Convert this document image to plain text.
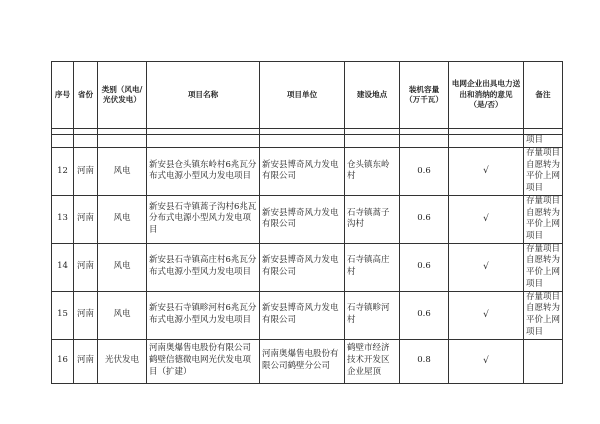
序号	省份	类别（风电/光伏发电）	项目名称	项目单位	建设地点	装机容量（万千瓦）	电网企业出具电力送出和消纳的意见（是/否）	备注

								项目
12	河南	风电	新安县仓头镇东岭村6兆瓦分布式电源小型风力发电项目	新安县博奇风力发电有限公司	仓头镇东岭村	0.6	√	存量项目自愿转为平价上网项目
13	河南	风电	新安县石寺镇蒿子沟村6兆瓦分布式电源小型风力发电项目	新安县博奇风力发电有限公司	石寺镇蒿子沟村	0.6	√	存量项目自愿转为平价上网项目
14	河南	风电	新安县石寺镇高庄村6兆瓦分布式电源小型风力发电项目	新安县博奇风力发电有限公司	石寺镇高庄村	0.6	√	存量项目自愿转为平价上网项目
15	河南	风电	新安县石寺镇畛河村6兆瓦分布式电源小型风力发电项目	新安县博奇风力发电有限公司	石寺镇畛河村	0.6	√	存量项目自愿转为平价上网项目
16	河南	光伏发电	河南奥爆售电股份有限公司鹤壁信德微电网光伏发电项目（扩建）	河南奥爆售电股份有限公司鹤壁分公司	鹤壁市经济技术开发区企业屋顶	0.8	√	
